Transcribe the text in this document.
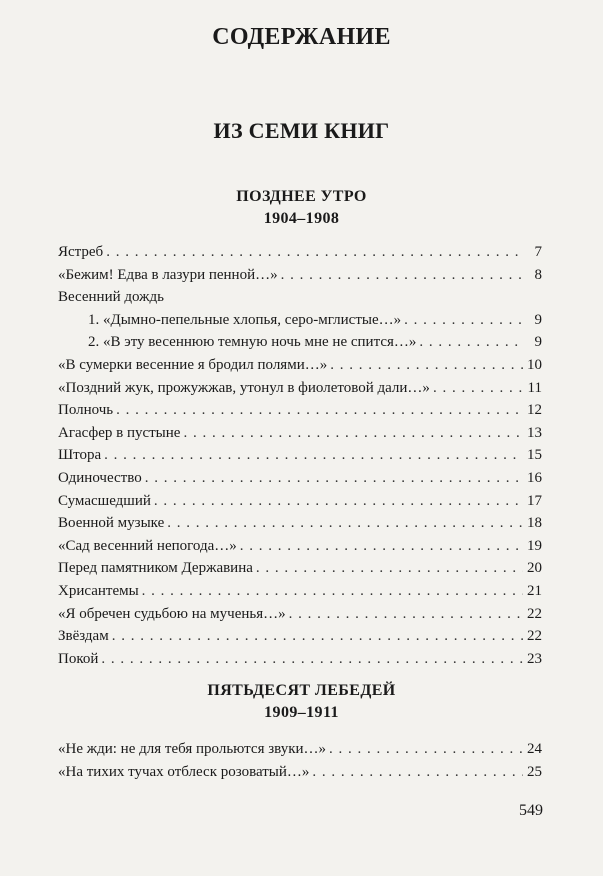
СОДЕРЖАНИЕ
ИЗ СЕМИ КНИГ
ПОЗДНЕЕ УТРО
1904–1908
Ястреб . . .	7
«Бежим! Едва в лазури пенной…» . . .	8
Весенний дождь
1. «Дымно-пепельные хлопья, серо-мглистые…» . . .	9
2. «В эту весеннюю темную ночь мне не спится…» . . .	9
«В сумерки весенние я бродил полями…» . . .	10
«Поздний жук, прожужжав, утонул в фиолетовой дали…» . . .	11
Полночь . . .	12
Агасфер в пустыне . . .	13
Штора . . .	15
Одиночество . . .	16
Сумасшедший . . .	17
Военной музыке . . .	18
«Сад весенний непогода…» . . .	19
Перед памятником Державина . . .	20
Хрисантемы . . .	21
«Я обречен судьбою на мученья…» . . .	22
Звёздам . . .	22
Покой . . .	23
ПЯТЬДЕСЯТ ЛЕБЕДЕЙ
1909–1911
«Не жди: не для тебя прольются звуки…» . . .	24
«На тихих тучах отблеск розоватый…» . . .	25
549
